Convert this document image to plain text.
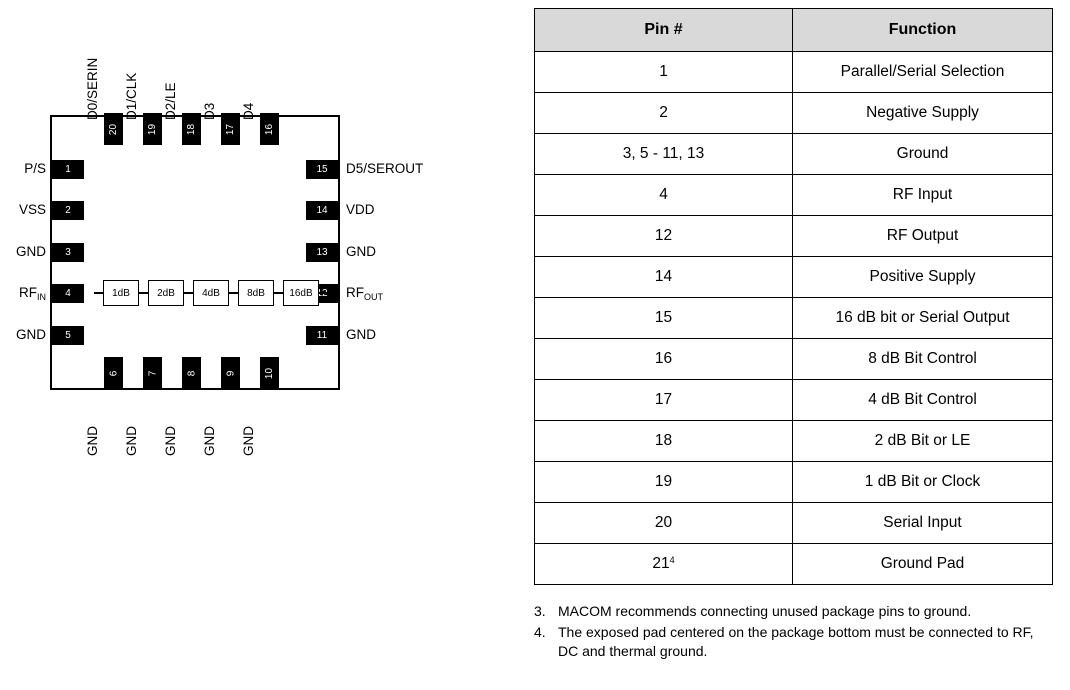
D0/SERIN D1/CLK D2/LE D3 D4
20	19	18	17	16
1
2
3
4
5
P/S
VSS
GND
$RF_{IN}$
GND
15
14
13
11
D5/SEROUT
VDD
GND
$RF_{OUT}$
GND
1dB	2dB	4dB	8dB	16dB
6	7	8	9	10
GND GND GND GND GND
Pin #	Function
1	Parallel/Serial Selection
2	Negative Supply
3, 5 - 11, 13	Ground
4	RF Input
12	RF Output
14	Positive Supply
15	16 dB bit or Serial Output
16	8 dB Bit Control
17	4 dB Bit Control
18	2 dB Bit or LE
19	1 dB Bit or Clock
20	Serial Input
$21^4$	Ground Pad
3. MACOM recommends connecting unused package pins to ground.
4. The exposed pad centered on the package bottom must be connected to RF, DC and thermal ground.
